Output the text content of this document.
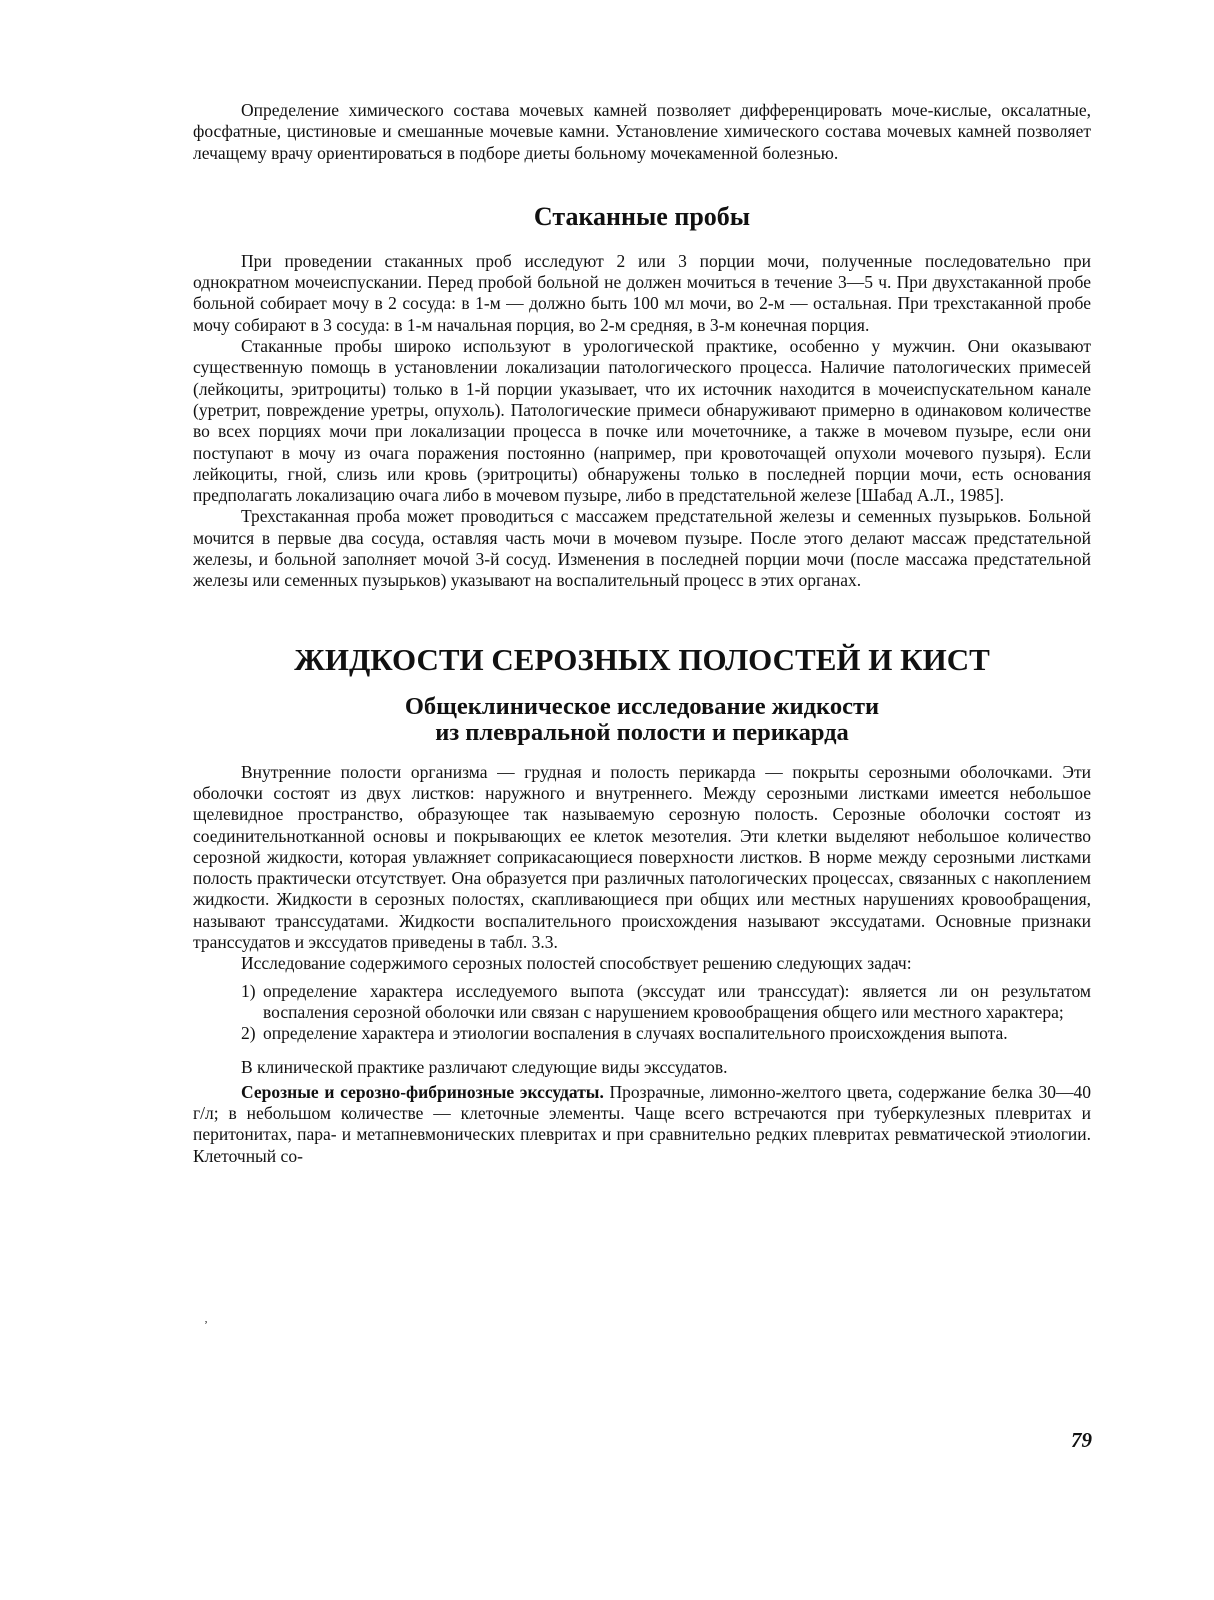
Определение химического состава мочевых камней позволяет дифференцировать моче-кислые, оксалатные, фосфатные, цистиновые и смешанные мочевые камни. Установление химического состава мочевых камней позволяет лечащему врачу ориентироваться в подборе диеты больному мочекаменной болезнью.

Стаканные пробы

При проведении стаканных проб исследуют 2 или 3 порции мочи, полученные последовательно при однократном мочеиспускании. Перед пробой больной не должен мочиться в течение 3—5 ч. При двухстаканной пробе больной собирает мочу в 2 сосуда: в 1-м — должно быть 100 мл мочи, во 2-м — остальная. При трехстаканной пробе мочу собирают в 3 сосуда: в 1-м начальная порция, во 2-м средняя, в 3-м конечная порция.

Стаканные пробы широко используют в урологической практике, особенно у мужчин. Они оказывают существенную помощь в установлении локализации патологического процесса. Наличие патологических примесей (лейкоциты, эритроциты) только в 1-й порции указывает, что их источник находится в мочеиспускательном канале (уретрит, повреждение уретры, опухоль). Патологические примеси обнаруживают примерно в одинаковом количестве во всех порциях мочи при локализации процесса в почке или мочеточнике, а также в мочевом пузыре, если они поступают в мочу из очага поражения постоянно (например, при кровоточащей опухоли мочевого пузыря). Если лейкоциты, гной, слизь или кровь (эритроциты) обнаружены только в последней порции мочи, есть основания предполагать локализацию очага либо в мочевом пузыре, либо в предстательной железе [Шабад А.Л., 1985].

Трехстаканная проба может проводиться с массажем предстательной железы и семенных пузырьков. Больной мочится в первые два сосуда, оставляя часть мочи в мочевом пузыре. После этого делают массаж предстательной железы, и больной заполняет мочой 3-й сосуд. Изменения в последней порции мочи (после массажа предстательной железы или семенных пузырьков) указывают на воспалительный процесс в этих органах.

ЖИДКОСТИ СЕРОЗНЫХ ПОЛОСТЕЙ И КИСТ
Общеклиническое исследование жидкости
из плевральной полости и перикарда

Внутренние полости организма — грудная и полость перикарда — покрыты серозными оболочками. Эти оболочки состоят из двух листков: наружного и внутреннего. Между серозными листками имеется небольшое щелевидное пространство, образующее так называемую серозную полость. Серозные оболочки состоят из соединительнотканной основы и покрывающих ее клеток мезотелия. Эти клетки выделяют небольшое количество серозной жидкости, которая увлажняет соприкасающиеся поверхности листков. В норме между серозными листками полость практически отсутствует. Она образуется при различных патологических процессах, связанных с накоплением жидкости. Жидкости в серозных полостях, скапливающиеся при общих или местных нарушениях кровообращения, называют транссудатами. Жидкости воспалительного происхождения называют экссудатами. Основные признаки транссудатов и экссудатов приведены в табл. 3.3.

Исследование содержимого серозных полостей способствует решению следующих задач:

1) определение характера исследуемого выпота (экссудат или транссудат): является ли он результатом воспаления серозной оболочки или связан с нарушением кровообращения общего или местного характера;
2) определение характера и этиологии воспаления в случаях воспалительного происхождения выпота.

В клинической практике различают следующие виды экссудатов.

Серозные и серозно-фибринозные экссудаты. Прозрачные, лимонно-желтого цвета, содержание белка 30—40 г/л; в небольшом количестве — клеточные элементы. Чаще всего встречаются при туберкулезных плевритах и перитонитах, пара- и метапневмонических плевритах и при сравнительно редких плевритах ревматической этиологии. Клеточный со-

ʼ
79
